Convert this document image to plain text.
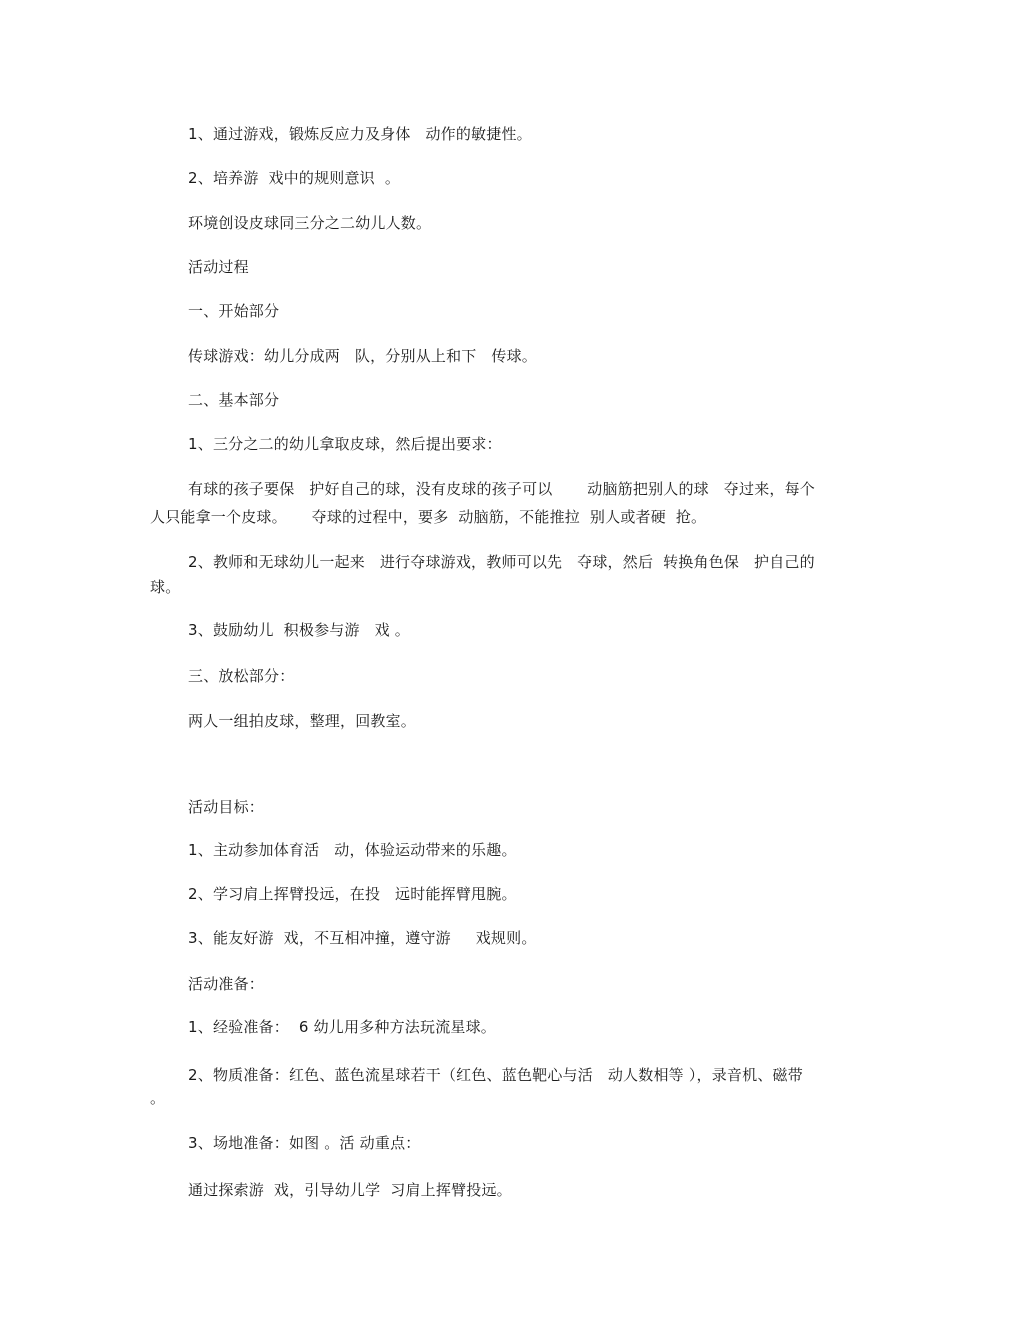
1、通过游戏，锻炼反应力及身体   动作的敏捷性。

2、培养游  戏中的规则意识  。

环境创设皮球同三分之二幼儿人数。

活动过程

一、开始部分

传球游戏：幼儿分成两   队，分别从上和下   传球。

二、基本部分

1、三分之二的幼儿拿取皮球，然后提出要求：

有球的孩子要保   护好自己的球，没有皮球的孩子可以       动脑筋把别人的球   夺过来，每个

人只能拿一个皮球。     夺球的过程中，要多  动脑筋，不能推拉  别人或者硬  抢。

2、教师和无球幼儿一起来   进行夺球游戏，教师可以先   夺球，然后  转换角色保   护自己的

球。

3、鼓励幼儿  积极参与游   戏 。

三、放松部分：

两人一组拍皮球，整理，回教室。

活动目标：

1、主动参加体育活   动，体验运动带来的乐趣。

2、学习肩上挥臂投远，在投   远时能挥臂甩腕。

3、能友好游  戏，不互相冲撞，遵守游     戏规则。

活动准备：

1、经验准备：  6 幼儿用多种方法玩流星球。

2、物质准备：红色、蓝色流星球若干（红色、蓝色靶心与活   动人数相等 ），录音机、磁带

。

3、场地准备：如图 。活 动重点：

通过探索游  戏，引导幼儿学  习肩上挥臂投远。
